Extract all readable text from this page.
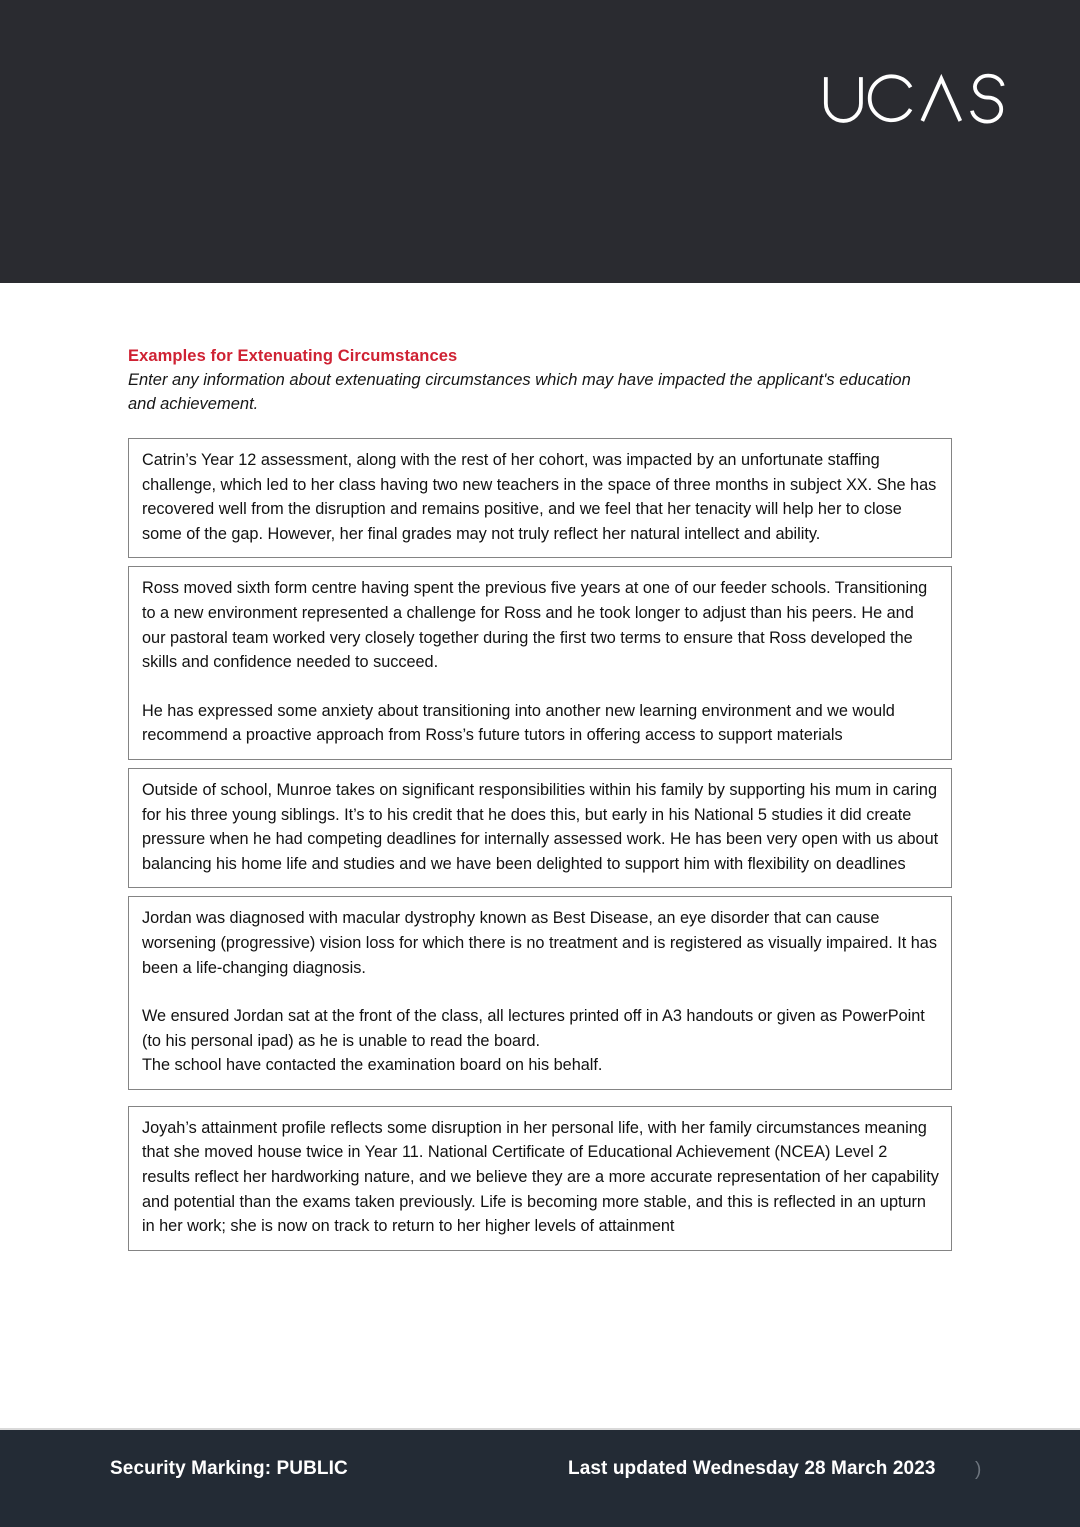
Examples for Extenuating Circumstances

Enter any information about extenuating circumstances which may have impacted the applicant's education and achievement.

Catrin’s Year 12 assessment, along with the rest of her cohort, was impacted by an unfortunate staffing challenge, which led to her class having two new teachers in the space of three months in subject XX. She has recovered well from the disruption and remains positive, and we feel that her tenacity will help her to close some of the gap. However, her final grades may not truly reflect her natural intellect and ability.

Ross moved sixth form centre having spent the previous five years at one of our feeder schools. Transitioning to a new environment represented a challenge for Ross and he took longer to adjust than his peers. He and our pastoral team worked very closely together during the first two terms to ensure that Ross developed the skills and confidence needed to succeed.

He has expressed some anxiety about transitioning into another new learning environment and we would recommend a proactive approach from Ross’s future tutors in offering access to support materials

Outside of school, Munroe takes on significant responsibilities within his family by supporting his mum in caring for his three young siblings. It’s to his credit that he does this, but early in his National 5 studies it did create pressure when he had competing deadlines for internally assessed work. He has been very open with us about balancing his home life and studies and we have been delighted to support him with flexibility on deadlines

Jordan was diagnosed with macular dystrophy known as Best Disease, an eye disorder that can cause worsening (progressive) vision loss for which there is no treatment and is registered as visually impaired. It has been a life-changing diagnosis.

We ensured Jordan sat at the front of the class, all lectures printed off in A3 handouts or given as PowerPoint (to his personal ipad) as he is unable to read the board.

The school have contacted the examination board on his behalf.

Joyah’s attainment profile reflects some disruption in her personal life, with her family circumstances meaning that she moved house twice in Year 11. National Certificate of Educational Achievement (NCEA) Level 2 results reflect her hardworking nature, and we believe they are a more accurate representation of her capability and potential than the exams taken previously. Life is becoming more stable, and this is reflected in an upturn in her work; she is now on track to return to her higher levels of attainment

Security Marking: PUBLIC	Last updated Wednesday 28 March 2023 )
